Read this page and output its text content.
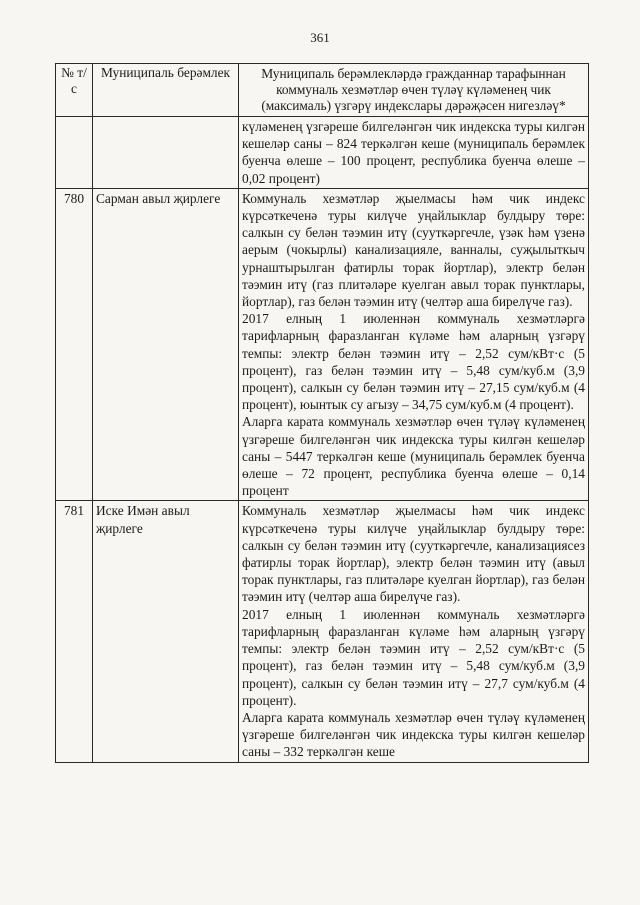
361
№ т/с	Муниципаль берәмлек	Муниципаль берәмлекләрдә гражданнар тарафыннан коммуналь хезмәтләр өчен түләү күләменең чик (максималь) үзгәрү индекслары дәрәҗәсен нигезләү*
		күләменең үзгәреше билгеләнгән чик индекска туры килгән кешеләр саны – 824 теркәлгән кеше (муниципаль берәмлек буенча өлеше – 100 процент, республика буенча өлеше – 0,02 процент)
780	Сарман авыл җирлеге	Коммуналь хезмәтләр җыелмасы һәм чик индекс күрсәткеченә туры килүче уңайлыклар булдыру төре: салкын су белән тәэмин итү (сууткәргечле, үзәк һәм үзенә аерым (чокырлы) канализацияле, ванналы, суҗылыткыч урнаштырылган фатирлы торак йортлар), электр белән тәэмин итү (газ плитәләре куелган авыл торак пунктлары, йортлар), газ белән тәэмин итү (челтәр аша бирелүче газ).
2017 елның 1 июленнән коммуналь хезмәтләргә тарифларның фаразланган күләме һәм аларның үзгәрү темпы: электр белән тәэмин итү – 2,52 сум/кВт·с (5 процент), газ белән тәэмин итү – 5,48 сум/куб.м (3,9 процент), салкын су белән тәэмин итү – 27,15 сум/куб.м (4 процент), юынтык су агызу – 34,75 сум/куб.м (4 процент).
Аларга карата коммуналь хезмәтләр өчен түләү күләменең үзгәреше билгеләнгән чик индекска туры килгән кешеләр саны – 5447 теркәлгән кеше (муниципаль берәмлек буенча өлеше – 72 процент, республика буенча өлеше – 0,14 процент

781	Иске Имән авыл җирлеге	Коммуналь хезмәтләр җыелмасы һәм чик индекс күрсәткеченә туры килүче уңайлыклар булдыру төре: салкын су белән тәэмин итү (сууткәргечле, канализациясез фатирлы торак йортлар), электр белән тәэмин итү (авыл торак пунктлары, газ плитәләре куелган йортлар), газ белән тәэмин итү (челтәр аша бирелүче газ).
2017 елның 1 июленнән коммуналь хезмәтләргә тарифларның фаразланган күләме һәм аларның үзгәрү темпы: электр белән тәэмин итү – 2,52 сум/кВт·с (5 процент), газ белән тәэмин итү – 5,48 сум/куб.м (3,9 процент), салкын су белән тәэмин итү – 27,7 сум/куб.м (4 процент).
Аларга карата коммуналь хезмәтләр өчен түләү күләменең үзгәреше билгеләнгән чик индекска туры килгән кешеләр саны – 332 теркәлгән кеше
